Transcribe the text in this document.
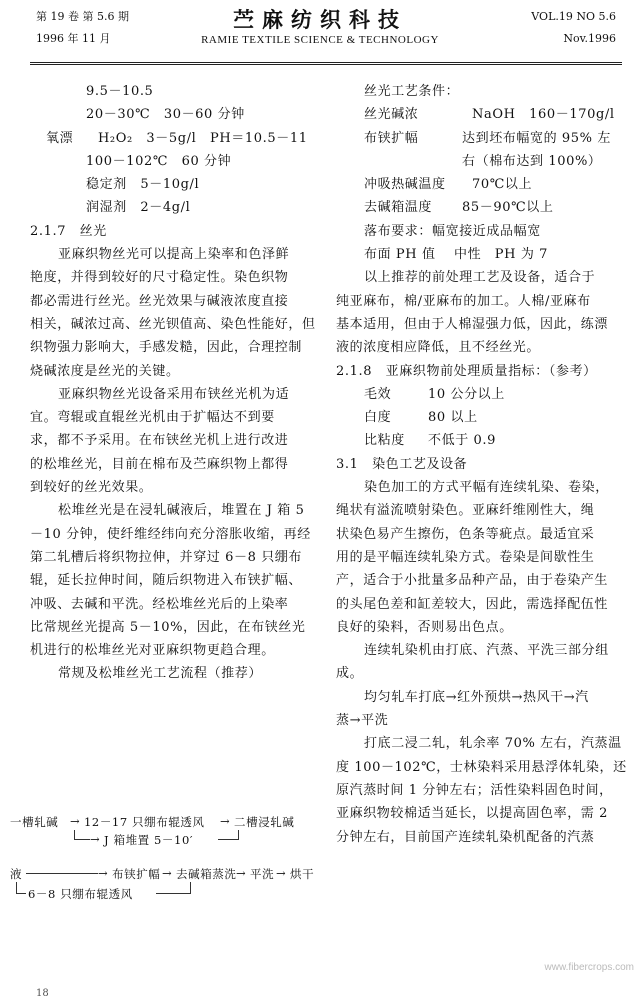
第 19 卷 第 5.6 期
1996 年 11 月
苎麻纺织科技
RAMIE TEXTILE SCIENCE & TECHNOLOGY
VOL.19 NO 5.6
Nov.1996
9.5－10.5
20－30℃　30－60 分钟
氧漂 H₂O₂　3－5g/l　PH＝10.5－11
100－102℃　60 分钟
稳定剂　5－10g/l
润湿剂　2－4g/l
2.1.7　丝光
亚麻织物丝光可以提高上染率和色泽鲜
艳度，并得到较好的尺寸稳定性。染色织物
都必需进行丝光。丝光效果与碱液浓度直接
相关，碱浓过高、丝光钡值高、染色性能好，但
织物强力影响大，手感发糙，因此，合理控制
烧碱浓度是丝光的关键。
亚麻织物丝光设备采用布铗丝光机为适
宜。弯辊或直辊丝光机由于扩幅达不到要
求，都不予采用。在布铗丝光机上进行改进
的松堆丝光，目前在棉布及苎麻织物上都得
到较好的丝光效果。
松堆丝光是在浸轧碱液后，堆置在 J 箱 5
－10 分钟，使纤维经纬向充分溶胀收缩，再经
第二轧槽后将织物拉伸，并穿过 6－8 只绷布
辊，延长拉伸时间，随后织物进入布铗扩幅、
冲吸、去碱和平洗。经松堆丝光后的上染率
比常规丝光提高 5－10%，因此，在布铗丝光
机进行的松堆丝光对亚麻织物更趋合理。
常规及松堆丝光工艺流程（推荐）
一槽轧碱 → 12－17 只绷布辊透风 → 二槽浸轧碱
→ J 箱堆置 5－10′
液	→ 布铗扩幅 → 去碱箱蒸洗 → 平洗 → 烘干
6－8 只绷布辊透风
丝光工艺条件：
丝光碱浓	NaOH　160－170g/l
布铗扩幅	达到坯布幅宽的 95% 左
右（棉布达到 100%）
冲吸热碱温度 70℃以上
去碱箱温度 85－90℃以上
落布要求：幅宽接近成品幅宽
布面 PH 值 中性　PH 为 7
以上推荐的前处理工艺及设备，适合于
纯亚麻布，棉/亚麻布的加工。人棉/亚麻布
基本适用，但由于人棉湿强力低，因此，练漂
液的浓度相应降低，且不经丝光。
2.1.8　亚麻织物前处理质量指标：（参考）
毛效	10 公分以上
白度	80 以上
比粘度 不低于 0.9
3.1　染色工艺及设备
染色加工的方式平幅有连续轧染、卷染，
绳状有溢流喷射染色。亚麻纤维刚性大，绳
状染色易产生擦伤，色条等疵点。最适宜采
用的是平幅连续轧染方式。卷染是间歇性生
产，适合于小批量多品种产品，由于卷染产生
的头尾色差和缸差较大，因此，需选择配伍性
良好的染料，否则易出色点。
连续轧染机由打底、汽蒸、平洗三部分组
成。
均匀轧车打底→红外预烘→热风干→汽
蒸→平洗
打底二浸二轧，轧余率 70% 左右，汽蒸温
度 100－102℃，士林染料采用悬浮体轧染，还
原汽蒸时间 1 分钟左右；活性染料固色时间，
亚麻织物较棉适当延长，以提高固色率，需 2
分钟左右，目前国产连续轧染机配备的汽蒸
www.fibercrops.com
18
